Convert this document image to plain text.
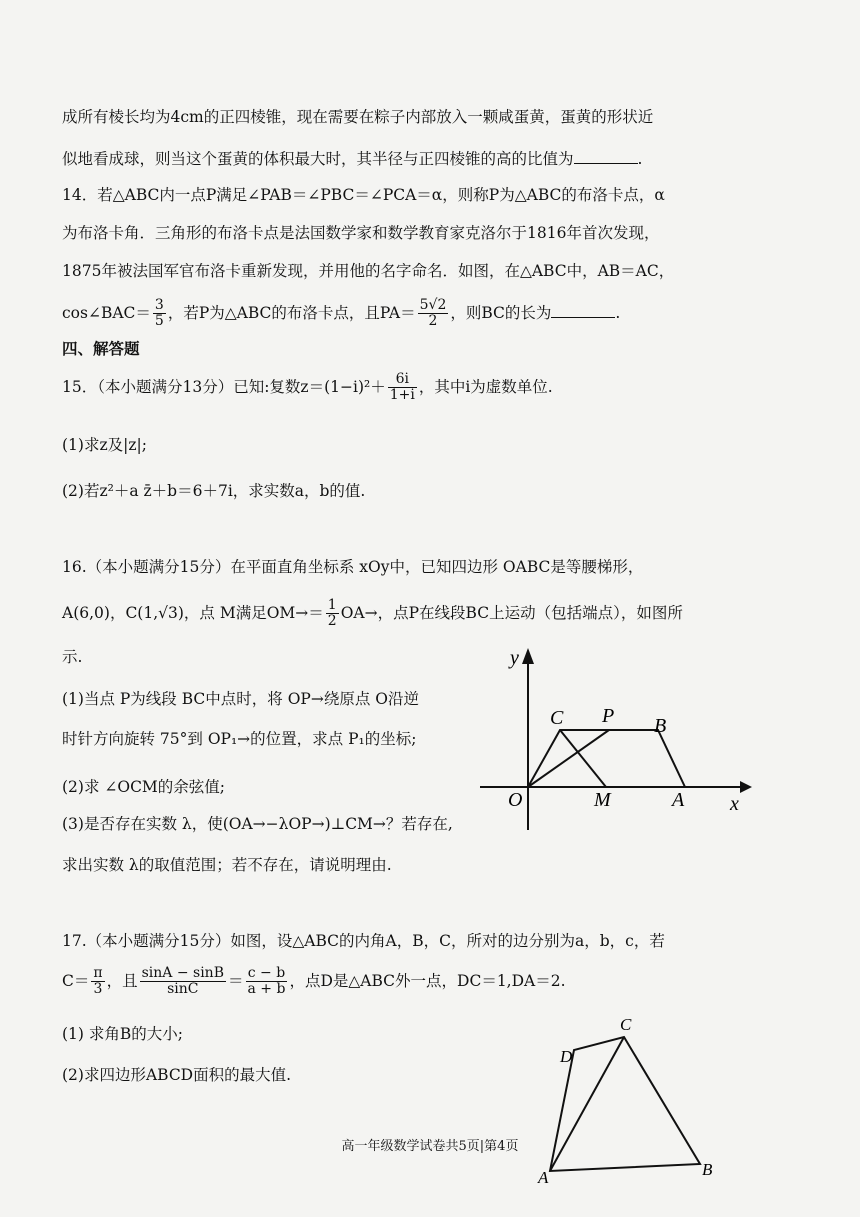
成所有棱长均为4cm的正四棱锥，现在需要在粽子内部放入一颗咸蛋黄，蛋黄的形状近
似地看成球，则当这个蛋黄的体积最大时，其半径与正四棱锥的高的比值为	.
14．若△ABC内一点P满足∠PAB＝∠PBC＝∠PCA＝α，则称P为△ABC的布洛卡点，α
为布洛卡角．三角形的布洛卡点是法国数学家和数学教育家克洛尔于1816年首次发现，
1875年被法国军官布洛卡重新发现，并用他的名字命名．如图，在△ABC中，AB＝AC，
cos∠BAC＝ $\frac{3}{5}$ ，若P为△ABC的布洛卡点，且$PA= \frac{5√2}{2}$ ，则BC的长为	.
四、解答题
15．（本小题满分13分）已知:复数$z=(1-i)^2+ \frac{6i}{1+i}$ ，其中i为虚数单位.
(1)求z及|z|;
(2)若z²＋a z̄＋b＝6＋7i，求实数a，b的值.
16.（本小题满分15分）在平面直角坐标系 xOy中，已知四边形 OABC是等腰梯形，
A(6,0)，C(1,√3)，点 M满足$OM\to= \frac{1}{2} OA\to$，点P在线段BC上运动（包括端点），如图所
示.
(1)当点 P为线段 BC中点时，将 OP→绕原点 O沿逆
时针方向旋转 75°到 OP₁→的位置，求点 P₁的坐标;
(2)求 ∠OCM的余弦值;
(3)是否存在实数 λ，使(OA→−λOP→)⊥CM→？若存在,
求出实数 λ的取值范围；若不存在，请说明理由.
y
x
O	M	A
C P B
17.（本小题满分15分）如图，设△ABC的内角A，B，C，所对的边分别为a，b，c，若
$C= \frac{\pi}{3}$ ，且 $\frac{\sin A - \sin B}{\sin C} = \frac{c - b}{a + b}$ ，点D是△ABC外一点，DC＝1,DA＝2.
(1) 求角B的大小;
(2)求四边形ABCD面积的最大值.
A	B
C
D
高一年级数学试卷共5页|第4页
